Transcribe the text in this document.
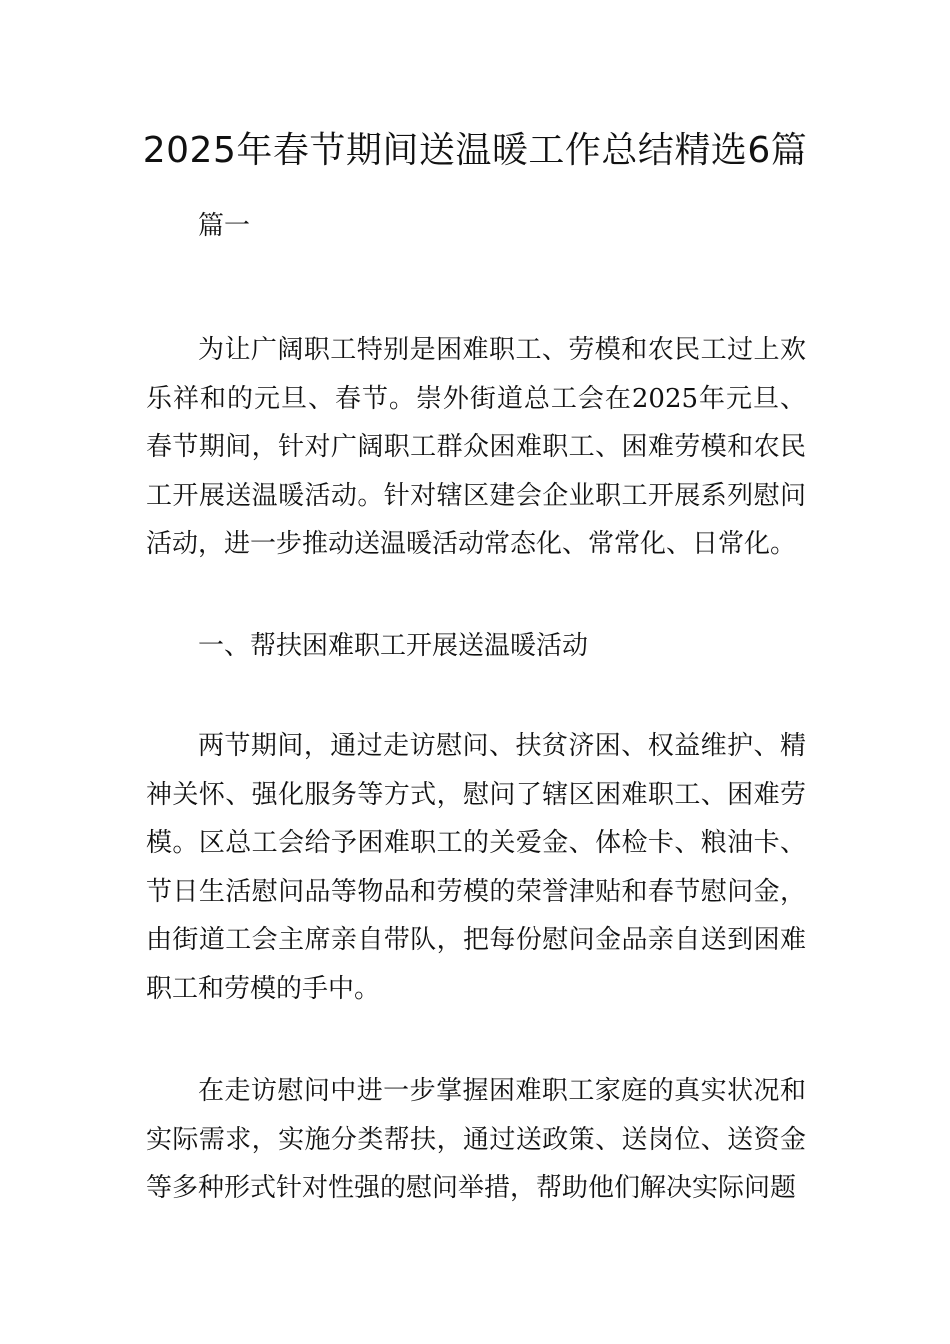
2025年春节期间送温暖工作总结精选6篇

篇一

为让广阔职工特别是困难职工、劳模和农民工过上欢乐祥和的元旦、春节。崇外街道总工会在2025年元旦、春节期间，针对广阔职工群众困难职工、困难劳模和农民工开展送温暖活动。针对辖区建会企业职工开展系列慰问活动，进一步推动送温暖活动常态化、常常化、日常化。

一、帮扶困难职工开展送温暖活动

两节期间，通过走访慰问、扶贫济困、权益维护、精神关怀、强化服务等方式，慰问了辖区困难职工、困难劳模。区总工会给予困难职工的关爱金、体检卡、粮油卡、节日生活慰问品等物品和劳模的荣誉津贴和春节慰问金，由街道工会主席亲自带队，把每份慰问金品亲自送到困难职工和劳模的手中。

在走访慰问中进一步掌握困难职工家庭的真实状况和实际需求，实施分类帮扶，通过送政策、送岗位、送资金等多种形式针对性强的慰问举措，帮助他们解决实际问题
